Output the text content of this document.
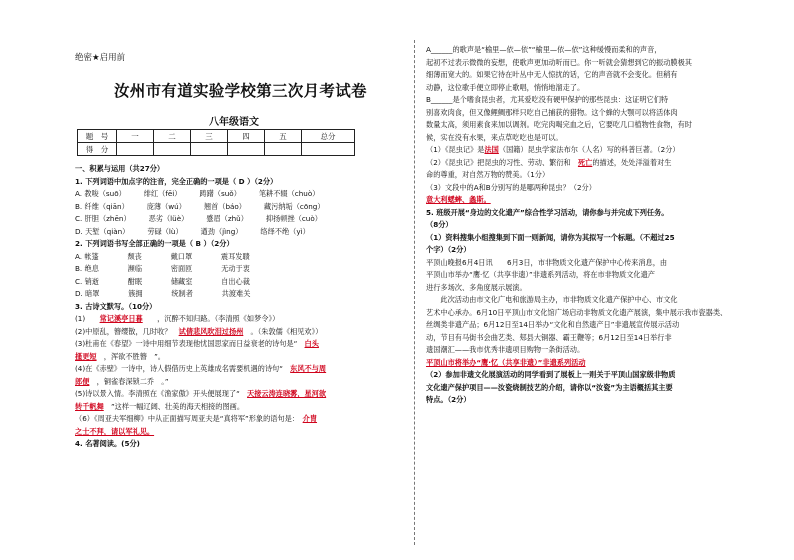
绝密★启用前
汝州市有道实验学校第三次月考试卷
八年级语文
题　号	一	二	三	四	五	总分
得　分						
一、积累与运用（共27分）
1. 下列词语中加点字的注音，完全正确的一项是（ D ）（2分）
A. 教唆（suō）　　　绯红（fēi）　　　踌躇（suǒ）　　　笔耕不辍（chuò）
B. 纤维（qiān）　　　庞薄（wú）　　　翘首（báo）　　　藏污纳垢（cōng）
C. 肝胆（zhēn）　　　恶劣（lüè）　　　蹙眉（zhǔ）　　　抑扬顿挫（cuò）
D. 天堑（qiàn）　　　劳碌（lù）　　　遒劲（jìng）　　　络绎不绝（yì）
2. 下列词语书写全部正确的一项是（ B ）（2分）
A. 帐篷　　　　颓丧　　　　戴口罩　　　　震耳发聩
B. 绝息　　　　濒临　　　　密面匝　　　　无动于衷
C. 销逝　　　　酣眠　　　　储藏室　　　　自出心裁
D. 暗罩　　　　簇拥　　　　统制者　　　　共渡难关
3. 古诗文默写。（10分）
(1)　　常记溪亭日暮　　，沉醉不知归路。（李清照《如梦令》）
(2)中原乱，簪缨散，几时收？　试倩悲风吹泪过扬州　。（朱敦儒《相见欢》）
(3)杜甫在《春望》一诗中用细节表现他忧国思家而日益衰老的诗句是“　白头
搔更短　，浑欲不胜簪　”。
(4)在《赤壁》一诗中，诗人假借历史上英雄成名需要机遇的诗句“　东风不与周
郎便　，铜雀春深锁二乔　。”
(5)诗以景入情。李清照在《渔家傲》开头便展现了“　天接云涛连晓雾，星河欲
转千帆舞　”这样一幅辽阔、壮美的海天相接的图画。
（6）《周亚夫军细柳》中从正面描写周亚夫是“真将军”形象的语句是：　介胄
之士不拜，请以军礼见。
4. 名著阅读。(5分)
A______的歌声是“榆里—依—依”“榆里—依—依”这种缓慢而柔和的声音，
起初不过表示微微的妄想，使歌声更加动听而已。你一听就会猜想到它的振动膜极其
细薄而宽大的。如果它待在叶丛中无人惊扰的话，它的声音就不会变化。但稍有
动静，这位歌手便立即停止歌唱，悄悄地溜走了。
B______是个嗜食昆虫者，尤其爱吃没有硬甲保护的那些昆虫：这证明它们特
别喜欢肉食，但又像鲤鲷那样只吃自己捕获的猎物。这个蜂的大颚可以将活体肉
数量太高，须用素食来加以调剂。吃完肉喝完血之后，它要吃几口植物性食物，有时
候，实在没有水果，来点草吃吃也是可以。
（1）《昆虫记》是法国（国籍）昆虫学家法布尔（人名）写的科普巨著。（2分）
（2）《昆虫记》把昆虫的习性、劳动、繁衍和　死亡的描述，处处洋溢着对生
命的尊重，对自然万物的赞美。（1分）
（3）文段中的A和B分别写的是哪两种昆虫？（2分）
意大利蟋蟀、螽斯。
5. 班级开展“身边的文化遗产”综合性学习活动，请你参与并完成下列任务。
（8分）
（1）资料搜集小组搜集到下面一则新闻，请你为其拟写一个标题。（不超过25
个字）（2分）
平顶山晚报6月4日讯　　6月3日，市非物质文化遗产保护中心传来消息，由
平顶山市举办“鹰·忆（共享非遗）”非遗系列活动，将在市非物质文化遗产
进行多场次、多角度展示展演。
　　此次活动由市文化广电和旅游局主办，市非物质文化遗产保护中心、市文化
艺术中心承办。6月10日平顶山市文化馆广场启动非物质文化遗产展演，集中展示我市瓷器类、
丝绸类非遗产品；6月12日至14日举办“文化和自然遗产日”非遗展宣传展示活动
动，节目有马街书会曲艺类、郏县大铜器、霸王鞭等；6月12日至14日举行非
遗国潮汇——我市优秀非遗项目购物一条街活动。
平顶山市将举办“鹰·忆（共享非遗）”非遗系列活动
（2）参加非遗文化展演活动的同学看到了展板上一则关于平顶山国家级非物质
文化遗产保护项目——汝瓷烧制技艺的介绍，请你以“汝瓷”为主语概括其主要
特点。（2分）
